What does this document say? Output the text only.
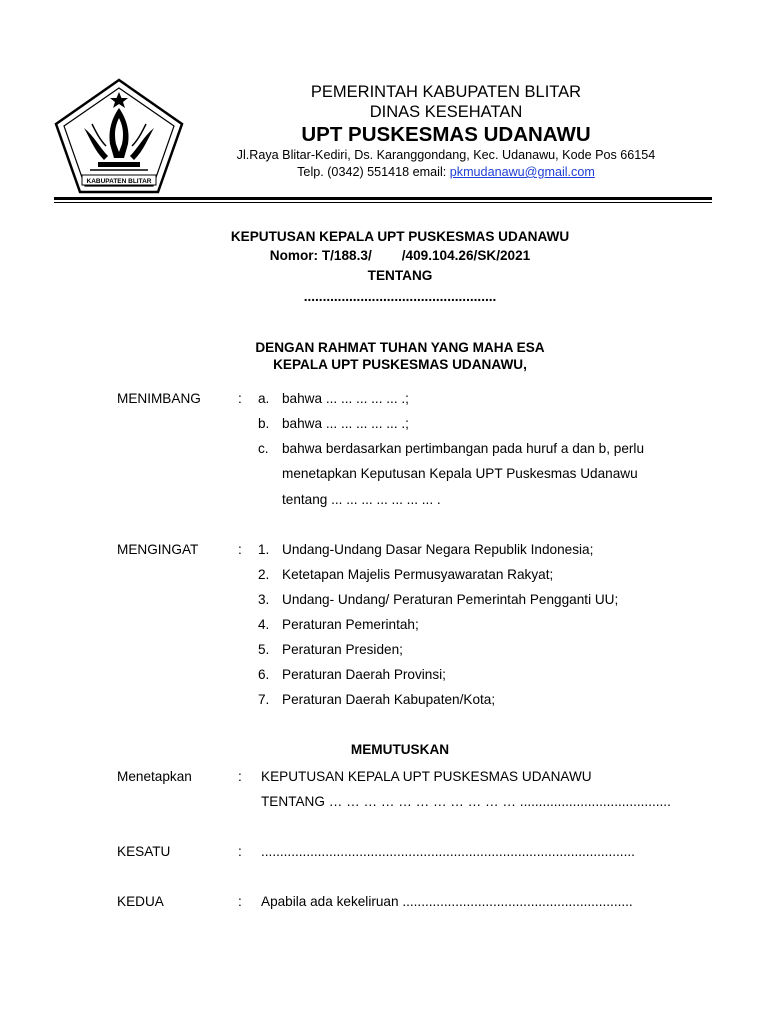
KABUPATEN BLITAR
PEMERINTAH KABUPATEN BLITAR
DINAS KESEHATAN
UPT PUSKESMAS UDANAWU
Jl.Raya Blitar-Kediri, Ds. Karanggondang, Kec. Udanawu, Kode Pos 66154
Telp. (0342) 551418 email: pkmudanawu@gmail.com
KEPUTUSAN KEPALA UPT PUSKESMAS UDANAWU
Nomor: T/188.3/ /409.104.26/SK/2021
TENTANG
...................................................
DENGAN RAHMAT TUHAN YANG MAHA ESA
KEPALA UPT PUSKESMAS UDANAWU,
MENIMBANG	: a. bahwa ... ... ... ... ... .;
b. bahwa ... ... ... ... ... .;
c. bahwa berdasarkan pertimbangan pada huruf a dan b, perlu
menetapkan Keputusan Kepala UPT Puskesmas Udanawu
tentang ... ... ... ... ... ... ... .
MENGINGAT	: 1. Undang-Undang Dasar Negara Republik Indonesia;
2. Ketetapan Majelis Permusyawaratan Rakyat;
3. Undang- Undang/ Peraturan Pemerintah Pengganti UU;
4. Peraturan Pemerintah;
5. Peraturan Presiden;
6. Peraturan Daerah Provinsi;
7. Peraturan Daerah Kabupaten/Kota;
MEMUTUSKAN
Menetapkan	: KEPUTUSAN KEPALA UPT PUSKESMAS UDANAWU
TENTANG … … … … … … … … … … … ........................................
KESATU	: ...................................................................................................
KEDUA	: Apabila ada kekeliruan .............................................................
